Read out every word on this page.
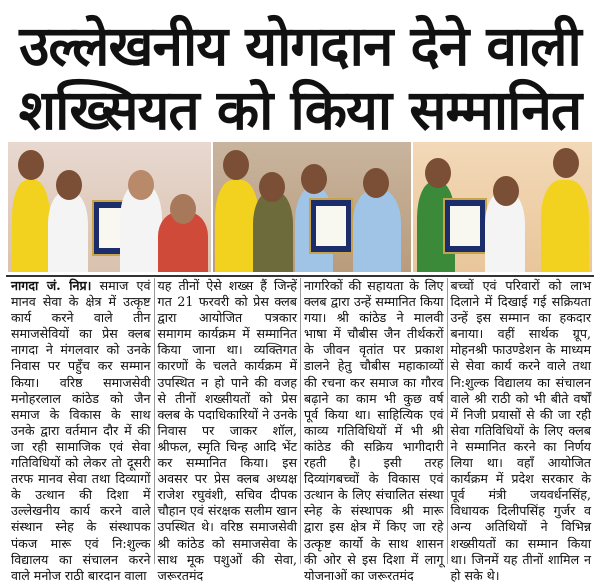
उल्लेखनीय योगदान देने वाली
शख्सियत को किया सम्मानित

नागदा जं. निप्र। समाज एवं मानव सेवा के क्षेत्र में उत्कृष्ट कार्य करने वाले तीन समाजसेवियों का प्रेस क्लब नागदा ने मंगलवार को उनके निवास पर पहुँच कर सम्मान किया। वरिष्ठ समाजसेवी मनोहरलाल कांठेड को जैन समाज के विकास के साथ उनके द्वारा वर्तमान दौर में की जा रही सामाजिक एवं सेवा गतिविधियों को लेकर तो दूसरी तरफ मानव सेवा तथा दिव्यागों के उत्थान की दिशा में उल्लेखनीय कार्य करने वाले संस्थान स्नेह के संस्थापक पंकज मारू एवं नि:शुल्क विद्यालय का संचालन करने वाले मनोज राठी बारदान वाला

यह तीनों ऐसे शख्स हैं जिन्हें गत 21 फरवरी को प्रेस क्लब द्वारा आयोजित पत्रकार समागम कार्यक्रम में सम्मानित किया जाना था। व्यक्तिगत कारणों के चलते कार्यक्रम में उपस्थित न हो पाने की वजह से तीनों शख्सीयतों को प्रेस क्लब के पदाधिकारियों ने उनके निवास पर जाकर शॉल, श्रीफल, स्मृति चिन्ह आदि भेंट कर सम्मानित किया। इस अवसर पर प्रेस क्लब अध्यक्ष राजेश रघुवंशी, सचिव दीपक चौहान एवं संरक्षक सलीम खान उपस्थित थे। वरिष्ठ समाजसेवी श्री कांठेड को समाजसेवा के साथ मूक पशुओं की सेवा, जरूरतमंद

नागरिकों की सहायता के लिए क्लब द्वारा उन्हें सम्मानित किया गया। श्री कांठेड ने मालवी भाषा में चौबीस जैन तीर्थकरों के जीवन वृतांत पर प्रकाश डालने हेतु चौबीस महाकाव्यों की रचना कर समाज का गौरव बढ़ाने का काम भी कुछ वर्ष पूर्व किया था। साहित्यिक एवं काव्य गतिविधियों में भी श्री कांठेड की सक्रिय भागीदारी रहती है। इसी तरह दिव्यांगबच्चों के विकास एवं उत्थान के लिए संचालित संस्था स्नेह के संस्थापक श्री मारू द्वारा इस क्षेत्र में किए जा रहे उत्कृष्ट कार्यो के साथ शासन की ओर से इस दिशा में लागू योजनाओं का जरूरतमंद

बच्चों एवं परिवारों को लाभ दिलाने में दिखाई गई सक्रियता उन्हें इस सम्मान का हकदार बनाया। वहीं सार्थक ग्रूप, मोहनश्री फाउण्डेशन के माध्यम से सेवा कार्य करने वाले तथा नि:शुल्क विद्यालय का संचालन वाले श्री राठी को भी बीते वर्षों में निजी प्रयासों से की जा रही सेवा गतिविधियों के लिए क्लब ने सम्मानित करने का निर्णय लिया था। वहाँ आयोजित कार्यक्रम में प्रदेश सरकार के पूर्व मंत्री जयवर्धनसिंह, विधायक दिलीपसिंह गुर्जर व अन्य अतिथियों ने विभिन्न शख्सीयतों का सम्मान किया था। जिनमें यह तीनों शामिल न हो सके थे।
